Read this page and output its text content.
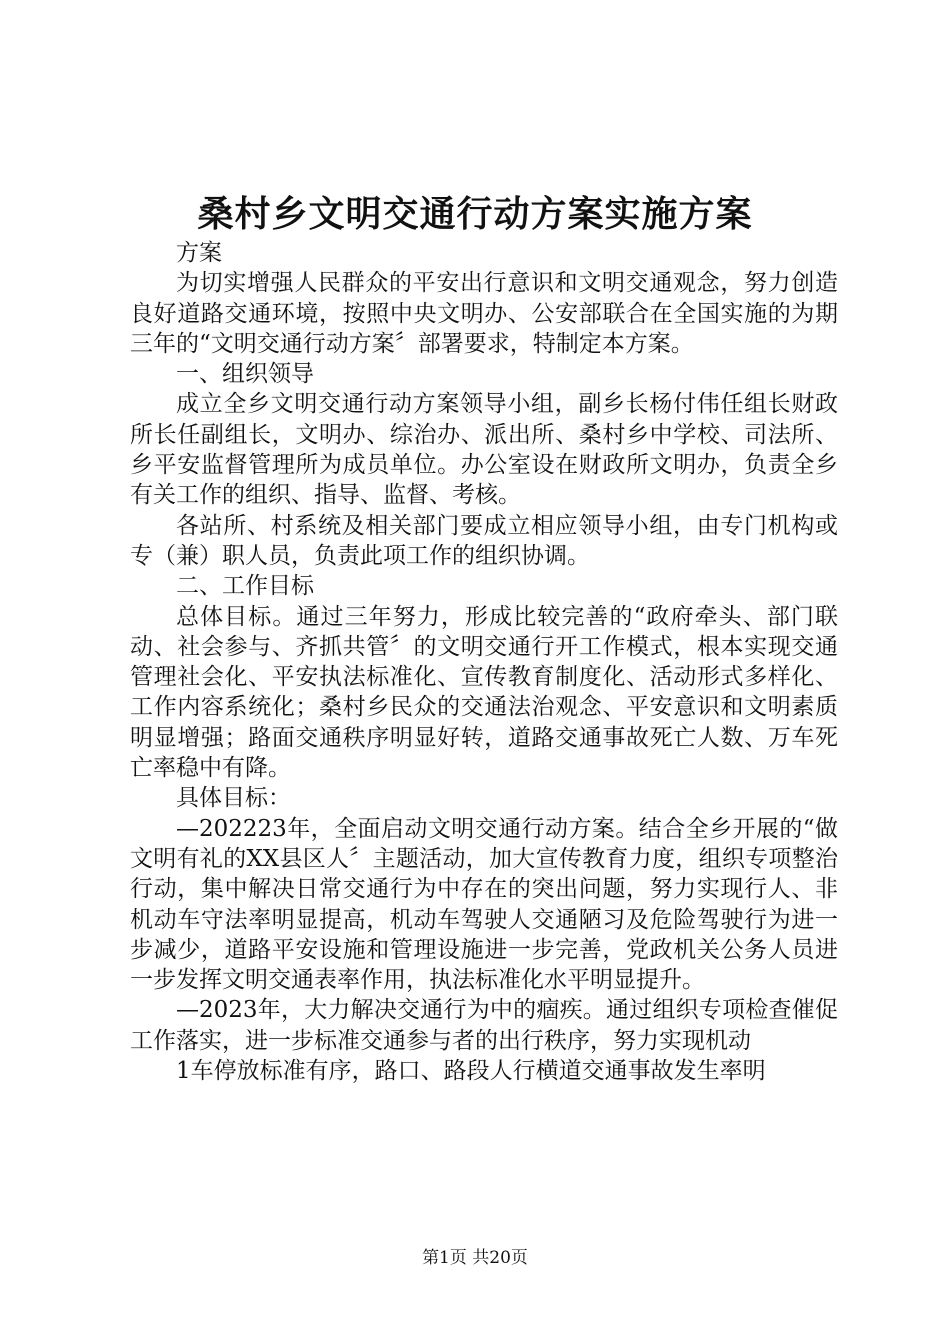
桑村乡文明交通行动方案实施方案

方案

为切实增强人民群众的平安出行意识和文明交通观念，努力创造良好道路交通环境，按照中央文明办、公安部联合在全国实施的为期三年的“文明交通行动方案〞部署要求，特制定本方案。

一、组织领导

成立全乡文明交通行动方案领导小组，副乡长杨付伟任组长财政所长任副组长，文明办、综治办、派出所、桑村乡中学校、司法所、乡平安监督管理所为成员单位。办公室设在财政所文明办，负责全乡有关工作的组织、指导、监督、考核。

各站所、村系统及相关部门要成立相应领导小组，由专门机构或专（兼）职人员，负责此项工作的组织协调。

二、工作目标

总体目标。通过三年努力，形成比较完善的“政府牵头、部门联动、社会参与、齐抓共管〞的文明交通行开工作模式，根本实现交通管理社会化、平安执法标准化、宣传教育制度化、活动形式多样化、工作内容系统化；桑村乡民众的交通法治观念、平安意识和文明素质明显增强；路面交通秩序明显好转，道路交通事故死亡人数、万车死亡率稳中有降。

具体目标：

—202223年，全面启动文明交通行动方案。结合全乡开展的“做文明有礼的XX县区人〞主题活动，加大宣传教育力度，组织专项整治行动，集中解决日常交通行为中存在的突出问题，努力实现行人、非机动车守法率明显提高，机动车驾驶人交通陋习及危险驾驶行为进一步减少，道路平安设施和管理设施进一步完善，党政机关公务人员进一步发挥文明交通表率作用，执法标准化水平明显提升。

—2023年，大力解决交通行为中的痼疾。通过组织专项检查催促工作落实，进一步标准交通参与者的出行秩序，努力实现机动

1车停放标准有序，路口、路段人行横道交通事故发生率明

第1页 共20页
